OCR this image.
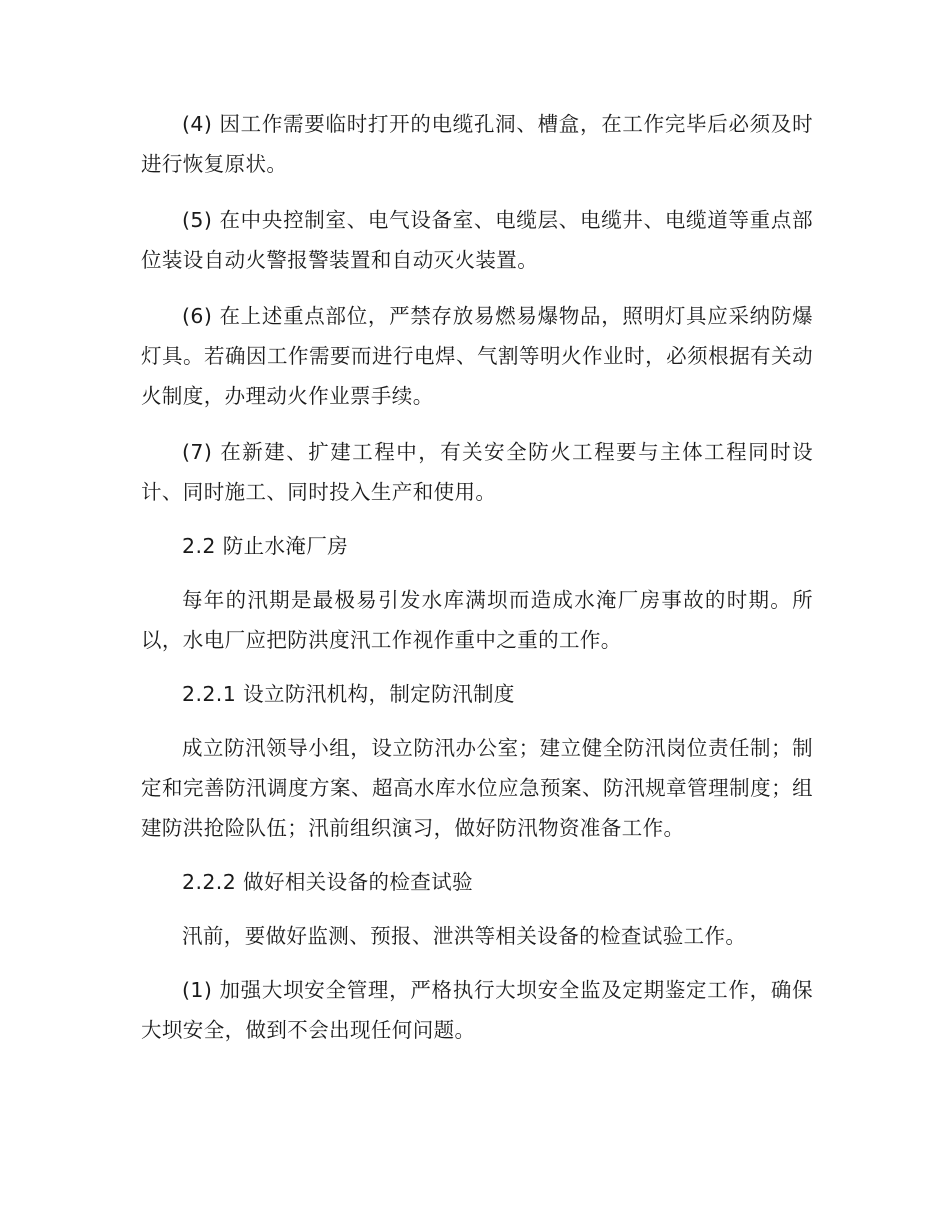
(4) 因工作需要临时打开的电缆孔洞、槽盒，在工作完毕后必须及时进行恢复原状。

(5) 在中央控制室、电气设备室、电缆层、电缆井、电缆道等重点部位装设自动火警报警装置和自动灭火装置。

(6) 在上述重点部位，严禁存放易燃易爆物品，照明灯具应采纳防爆灯具。若确因工作需要而进行电焊、气割等明火作业时，必须根据有关动火制度，办理动火作业票手续。

(7) 在新建、扩建工程中，有关安全防火工程要与主体工程同时设计、同时施工、同时投入生产和使用。

2.2 防止水淹厂房

每年的汛期是最极易引发水库满坝而造成水淹厂房事故的时期。所以，水电厂应把防洪度汛工作视作重中之重的工作。

2.2.1 设立防汛机构，制定防汛制度

成立防汛领导小组，设立防汛办公室；建立健全防汛岗位责任制；制定和完善防汛调度方案、超高水库水位应急预案、防汛规章管理制度；组建防洪抢险队伍；汛前组织演习，做好防汛物资准备工作。

2.2.2 做好相关设备的检查试验

汛前，要做好监测、预报、泄洪等相关设备的检查试验工作。

(1) 加强大坝安全管理，严格执行大坝安全监及定期鉴定工作，确保大坝安全，做到不会出现任何问题。
